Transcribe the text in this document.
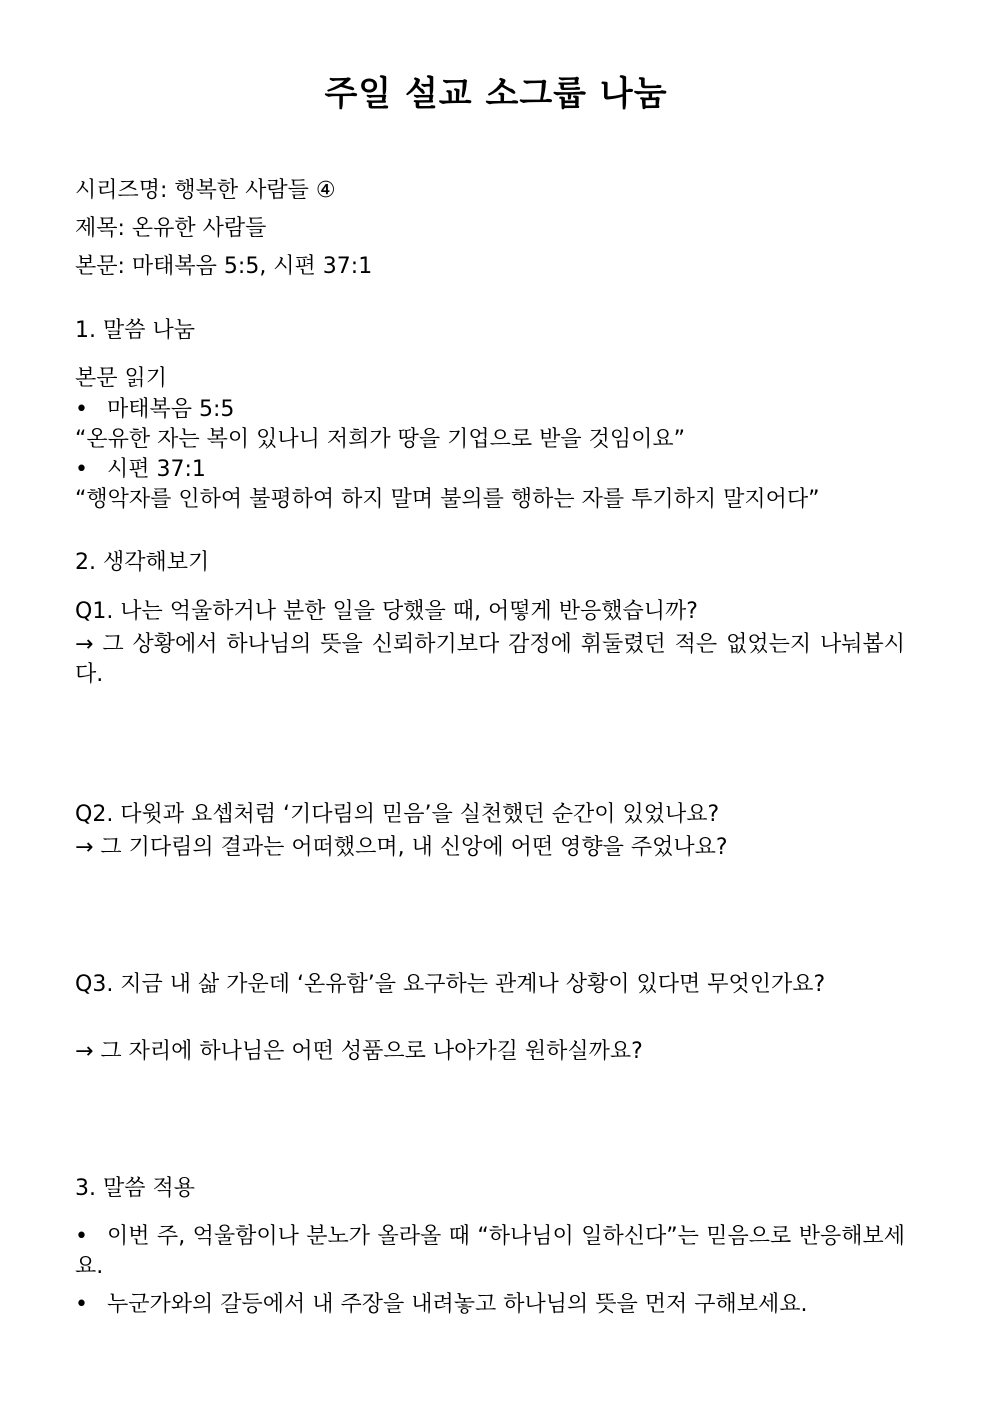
주일 설교 소그룹 나눔
시리즈명: 행복한 사람들 ④
제목: 온유한 사람들
본문: 마태복음 5:5, 시편 37:1
1. 말씀 나눔
본문 읽기
• 마태복음 5:5
“온유한 자는 복이 있나니 저희가 땅을 기업으로 받을 것임이요”
• 시편 37:1
“행악자를 인하여 불평하여 하지 말며 불의를 행하는 자를 투기하지 말지어다”
2. 생각해보기
Q1. 나는 억울하거나 분한 일을 당했을 때, 어떻게 반응했습니까?
→ 그 상황에서 하나님의 뜻을 신뢰하기보다 감정에 휘둘렸던 적은 없었는지 나눠봅시다.
Q2. 다윗과 요셉처럼 ‘기다림의 믿음’을 실천했던 순간이 있었나요?
→ 그 기다림의 결과는 어떠했으며, 내 신앙에 어떤 영향을 주었나요?
Q3. 지금 내 삶 가운데 ‘온유함’을 요구하는 관계나 상황이 있다면 무엇인가요?
→ 그 자리에 하나님은 어떤 성품으로 나아가길 원하실까요?
3. 말씀 적용
• 이번 주, 억울함이나 분노가 올라올 때 “하나님이 일하신다”는 믿음으로 반응해보세요.
• 누군가와의 갈등에서 내 주장을 내려놓고 하나님의 뜻을 먼저 구해보세요.
